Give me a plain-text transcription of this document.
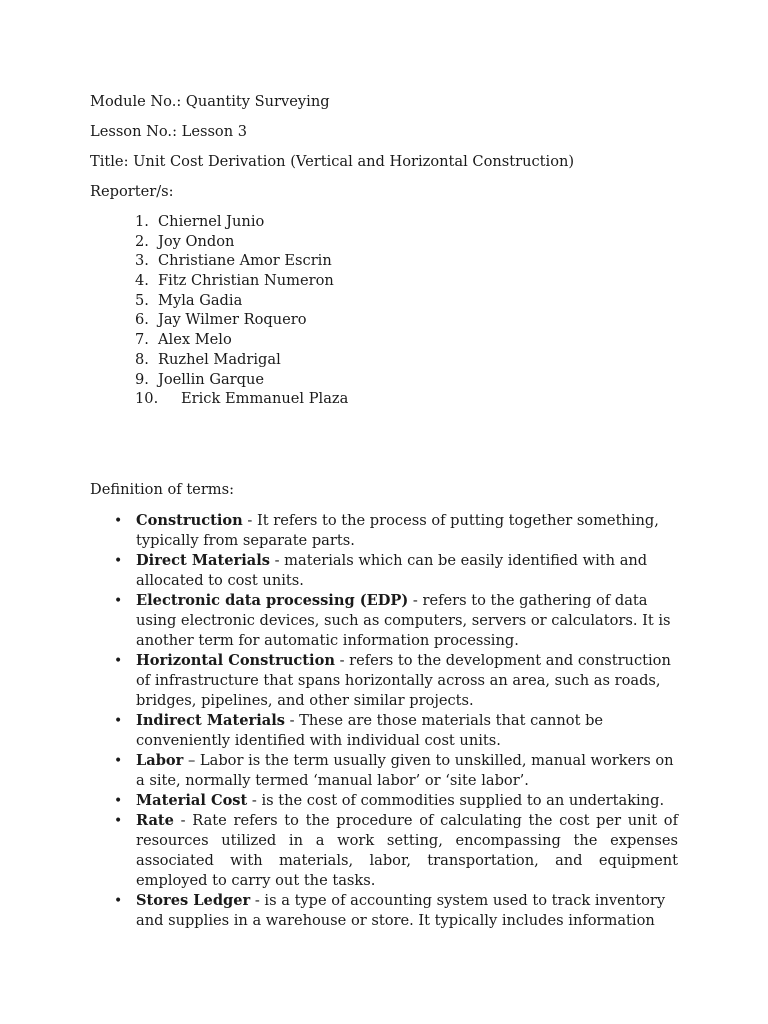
Module No.: Quantity Surveying
Lesson No.: Lesson 3
Title: Unit Cost Derivation (Vertical and Horizontal Construction)
Reporter/s:
1. Chiernel Junio
2. Joy Ondon
3. Christiane Amor Escrin
4. Fitz Christian Numeron
5. Myla Gadia
6. Jay Wilmer Roquero
7. Alex Melo
8. Ruzhel Madrigal
9. Joellin Garque
10. Erick Emmanuel Plaza
Definition of terms:
• Construction - It refers to the process of putting together something, typically from separate parts.
• Direct Materials - materials which can be easily identified with and allocated to cost units.
• Electronic data processing (EDP) - refers to the gathering of data using electronic devices, such as computers, servers or calculators. It is another term for automatic information processing.
• Horizontal Construction - refers to the development and construction of infrastructure that spans horizontally across an area, such as roads, bridges, pipelines, and other similar projects.
• Indirect Materials - These are those materials that cannot be conveniently identified with individual cost units.
• Labor – Labor is the term usually given to unskilled, manual workers on a site, normally termed ‘manual labor’ or ‘site labor’.
• Material Cost - is the cost of commodities supplied to an undertaking.
• Rate - Rate refers to the procedure of calculating the cost per unit of resources utilized in a work setting, encompassing the expenses associated with materials, labor, transportation, and equipment employed to carry out the tasks.
• Stores Ledger - is a type of accounting system used to track inventory and supplies in a warehouse or store. It typically includes information
